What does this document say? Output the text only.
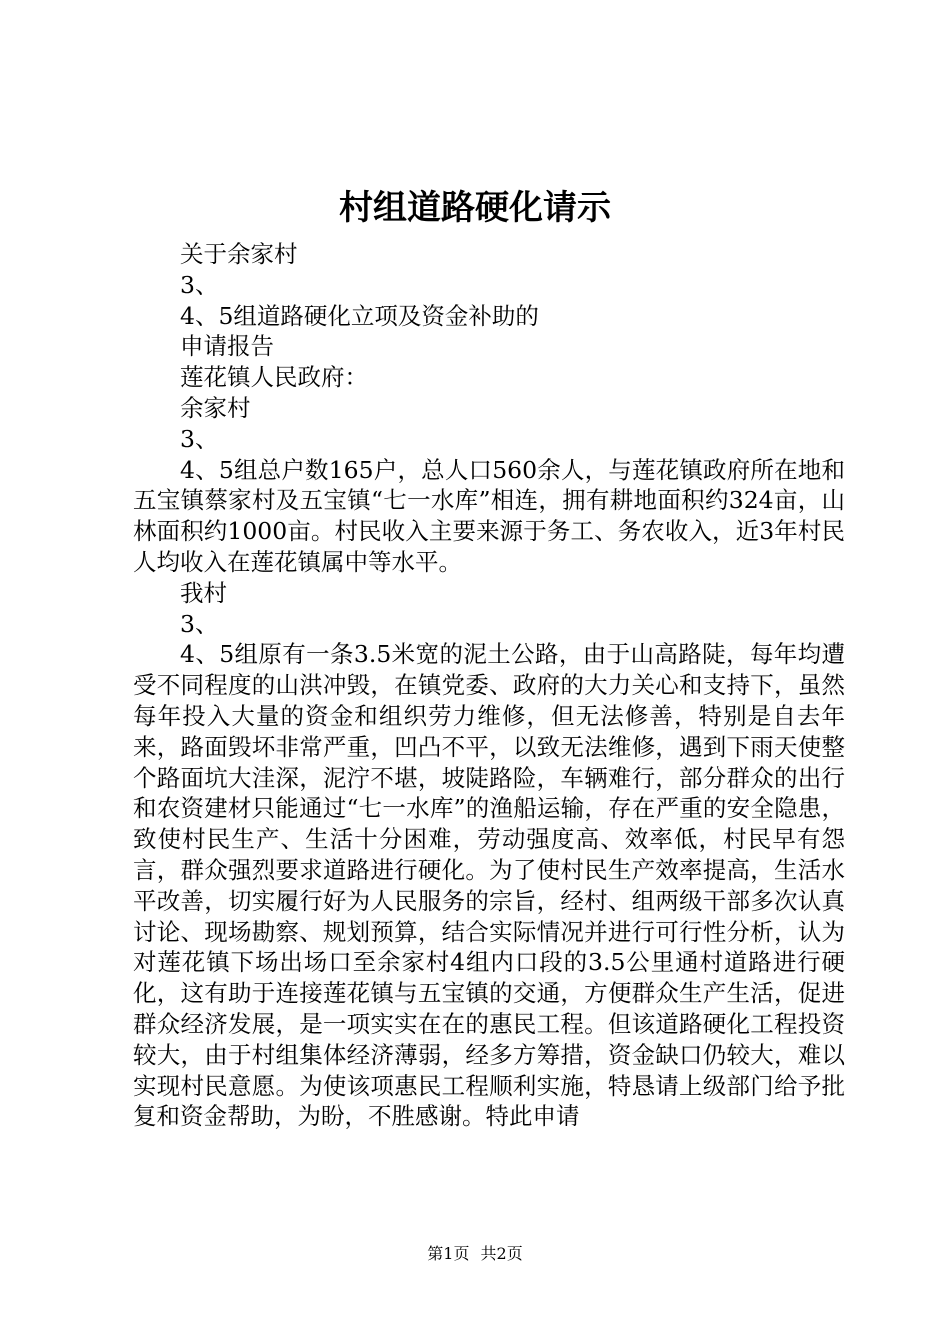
村组道路硬化请示

关于余家村

3、

4、5组道路硬化立项及资金补助的

申请报告

莲花镇人民政府：

余家村

3、

4、5组总户数165户，总人口560余人，与莲花镇政府所在地和五宝镇蔡家村及五宝镇“七一水库”相连，拥有耕地面积约324亩，山林面积约1000亩。村民收入主要来源于务工、务农收入，近3年村民人均收入在莲花镇属中等水平。

我村

3、

4、5组原有一条3.5米宽的泥土公路，由于山高路陡，每年均遭受不同程度的山洪冲毁，在镇党委、政府的大力关心和支持下，虽然每年投入大量的资金和组织劳力维修，但无法修善，特别是自去年来，路面毁坏非常严重，凹凸不平，以致无法维修，遇到下雨天使整个路面坑大洼深，泥泞不堪，坡陡路险，车辆难行，部分群众的出行和农资建材只能通过“七一水库”的渔船运输，存在严重的安全隐患，致使村民生产、生活十分困难，劳动强度高、效率低，村民早有怨言，群众强烈要求道路进行硬化。为了使村民生产效率提高，生活水平改善，切实履行好为人民服务的宗旨，经村、组两级干部多次认真讨论、现场勘察、规划预算，结合实际情况并进行可行性分析，认为对莲花镇下场出场口至余家村4组内口段的3.5公里通村道路进行硬化，这有助于连接莲花镇与五宝镇的交通，方便群众生产生活，促进群众经济发展，是一项实实在在的惠民工程。但该道路硬化工程投资较大，由于村组集体经济薄弱，经多方筹措，资金缺口仍较大，难以实现村民意愿。为使该项惠民工程顺利实施，特恳请上级部门给予批复和资金帮助，为盼，不胜感谢。特此申请

第1页 共2页
